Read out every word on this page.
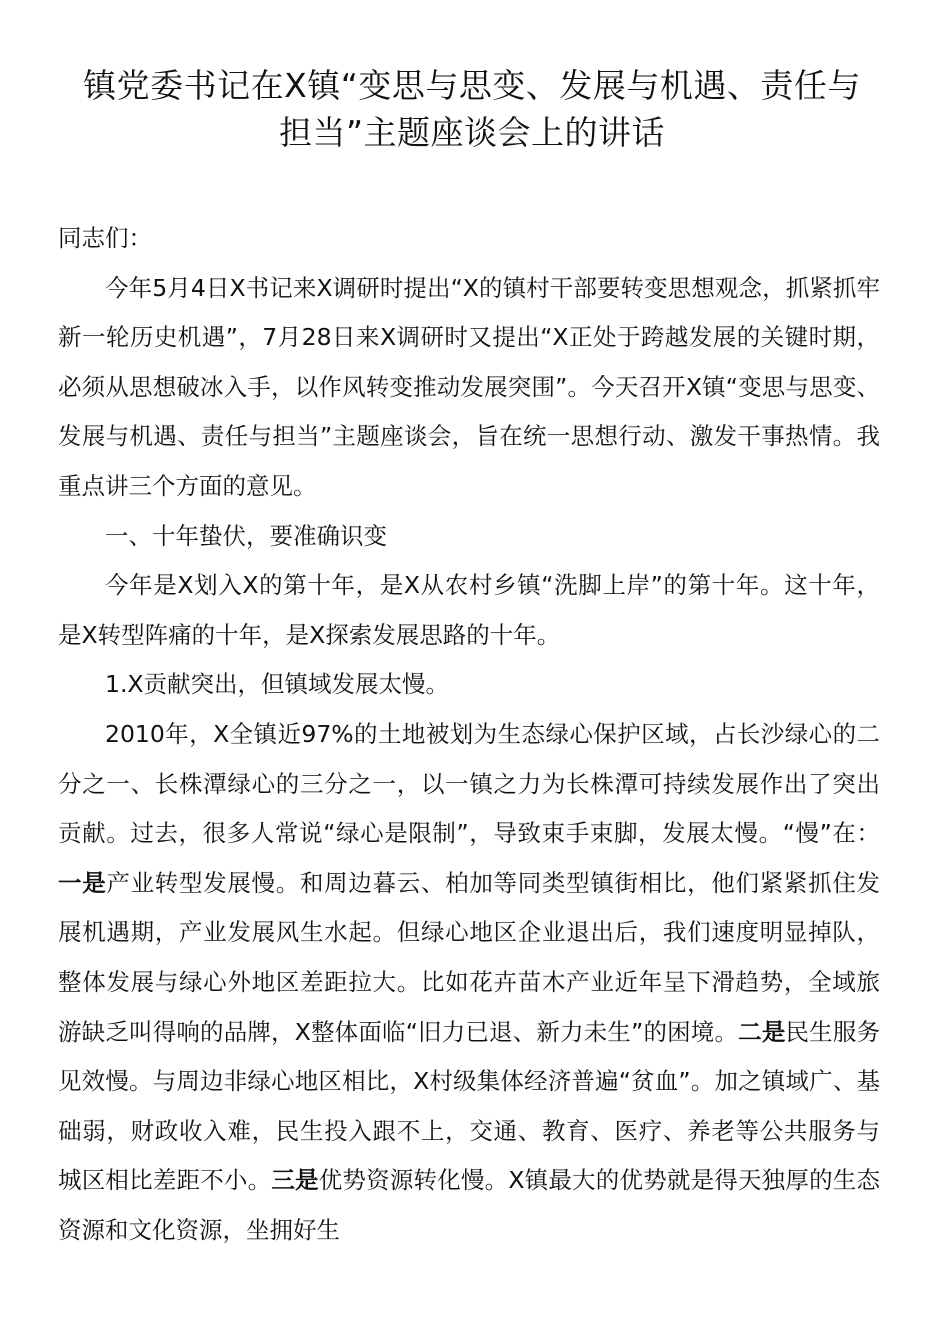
镇党委书记在X镇“变思与思变、发展与机遇、责任与担当”主题座谈会上的讲话

同志们：

今年5月4日X书记来X调研时提出“X的镇村干部要转变思想观念，抓紧抓牢新一轮历史机遇”，7月28日来X调研时又提出“X正处于跨越发展的关键时期，必须从思想破冰入手，以作风转变推动发展突围”。今天召开X镇“变思与思变、发展与机遇、责任与担当”主题座谈会，旨在统一思想行动、激发干事热情。我重点讲三个方面的意见。

一、十年蛰伏，要准确识变

今年是X划入X的第十年，是X从农村乡镇“洗脚上岸”的第十年。这十年，是X转型阵痛的十年，是X探索发展思路的十年。

1.X贡献突出，但镇域发展太慢。

2010年，X全镇近97%的土地被划为生态绿心保护区域，占长沙绿心的二分之一、长株潭绿心的三分之一，以一镇之力为长株潭可持续发展作出了突出贡献。过去，很多人常说“绿心是限制”，导致束手束脚，发展太慢。“慢”在：一是产业转型发展慢。和周边暮云、柏加等同类型镇街相比，他们紧紧抓住发展机遇期，产业发展风生水起。但绿心地区企业退出后，我们速度明显掉队，整体发展与绿心外地区差距拉大。比如花卉苗木产业近年呈下滑趋势，全域旅游缺乏叫得响的品牌，X整体面临“旧力已退、新力未生”的困境。二是民生服务见效慢。与周边非绿心地区相比，X村级集体经济普遍“贫血”。加之镇域广、基础弱，财政收入难，民生投入跟不上，交通、教育、医疗、养老等公共服务与城区相比差距不小。三是优势资源转化慢。X镇最大的优势就是得天独厚的生态资源和文化资源，坐拥好生
